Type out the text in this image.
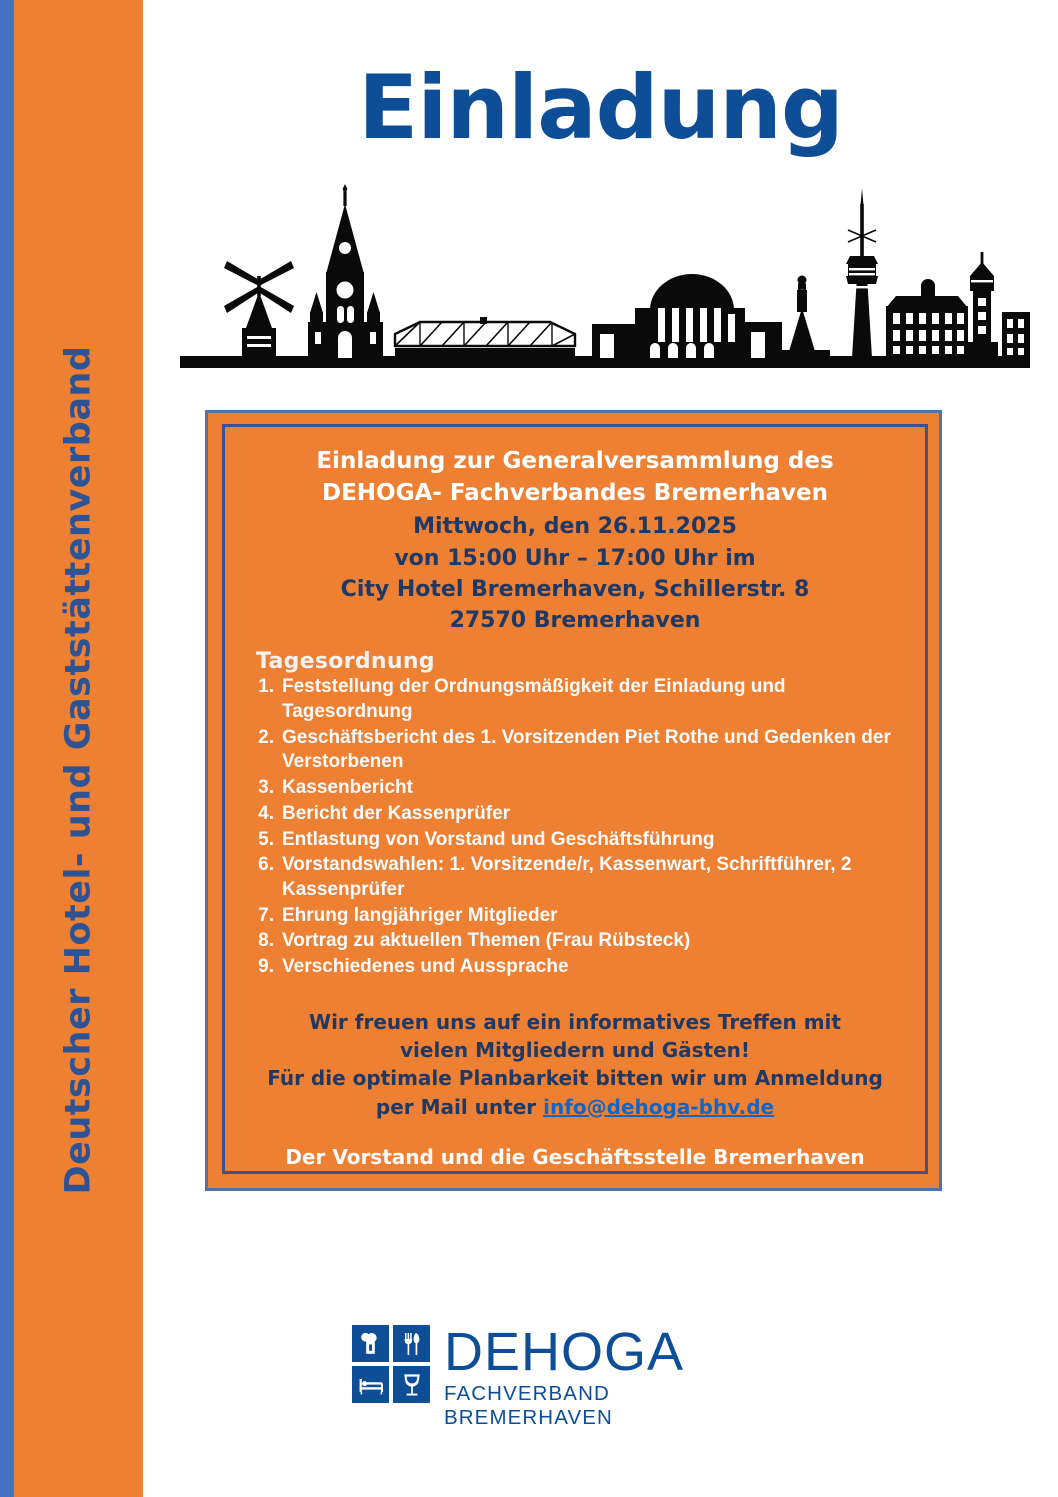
Deutscher Hotel- und Gaststättenverband
Einladung
Einladung zur Generalversammlung des
DEHOGA- Fachverbandes Bremerhaven
Mittwoch, den 26.11.2025
von 15:00 Uhr – 17:00 Uhr im
City Hotel Bremerhaven, Schillerstr. 8
27570 Bremerhaven
Tagesordnung
1. Feststellung der Ordnungsmäßigkeit der Einladung und Tagesordnung
2. Geschäftsbericht des 1. Vorsitzenden Piet Rothe und Gedenken der Verstorbenen
3. Kassenbericht
4. Bericht der Kassenprüfer
5. Entlastung von Vorstand und Geschäftsführung
6. Vorstandswahlen: 1. Vorsitzende/r, Kassenwart, Schriftführer, 2 Kassenprüfer
7. Ehrung langjähriger Mitglieder
8. Vortrag zu aktuellen Themen (Frau Rübsteck)
9. Verschiedenes und Aussprache
Wir freuen uns auf ein informatives Treffen mit
vielen Mitgliedern und Gästen!
Für die optimale Planbarkeit bitten wir um Anmeldung
per Mail unter info@dehoga-bhv.de
Der Vorstand und die Geschäftsstelle Bremerhaven
DEHOGA
FACHVERBAND BREMERHAVEN
